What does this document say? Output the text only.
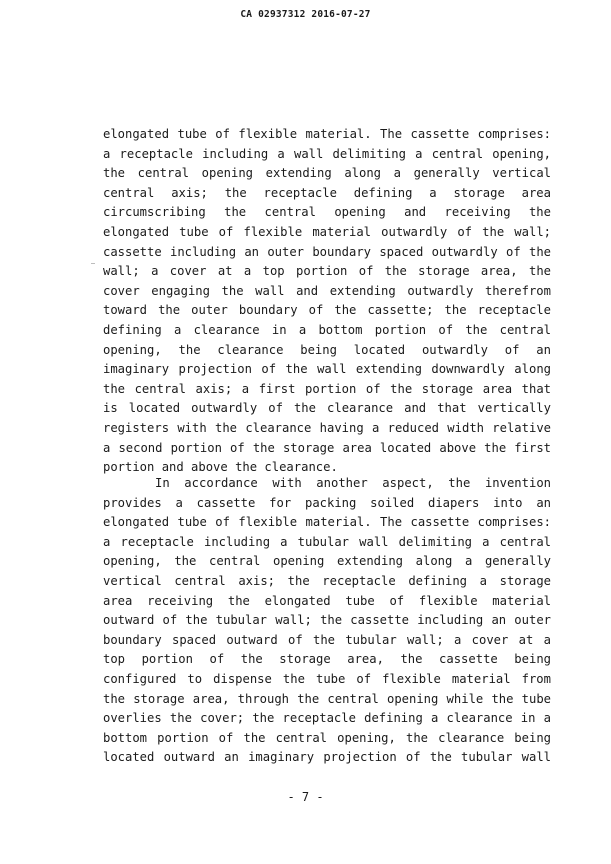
CA 02937312 2016-07-27
elongated tube of flexible material. The cassette comprises:
a receptacle including a wall delimiting a central opening,
the central opening extending along a generally vertical
central axis; the receptacle defining a storage area
circumscribing the central opening and receiving the
elongated tube of flexible material outwardly of the wall;
cassette including an outer boundary spaced outwardly of the
wall; a cover at a top portion of the storage area, the
cover engaging the wall and extending outwardly therefrom
toward the outer boundary of the cassette; the receptacle
defining a clearance in a bottom portion of the central
opening, the clearance being located outwardly of an
imaginary projection of the wall extending downwardly along
the central axis; a first portion of the storage area that
is located outwardly of the clearance and that vertically
registers with the clearance having a reduced width relative
a second portion of the storage area located above the first
portion and above the clearance.
In accordance with another aspect, the invention
provides a cassette for packing soiled diapers into an
elongated tube of flexible material. The cassette comprises:
a receptacle including a tubular wall delimiting a central
opening, the central opening extending along a generally
vertical central axis; the receptacle defining a storage
area receiving the elongated tube of flexible material
outward of the tubular wall; the cassette including an outer
boundary spaced outward of the tubular wall; a cover at a
top portion of the storage area, the cassette being
configured to dispense the tube of flexible material from
the storage area, through the central opening while the tube
overlies the cover; the receptacle defining a clearance in a
bottom portion of the central opening, the clearance being
located outward an imaginary projection of the tubular wall
- 7 -
